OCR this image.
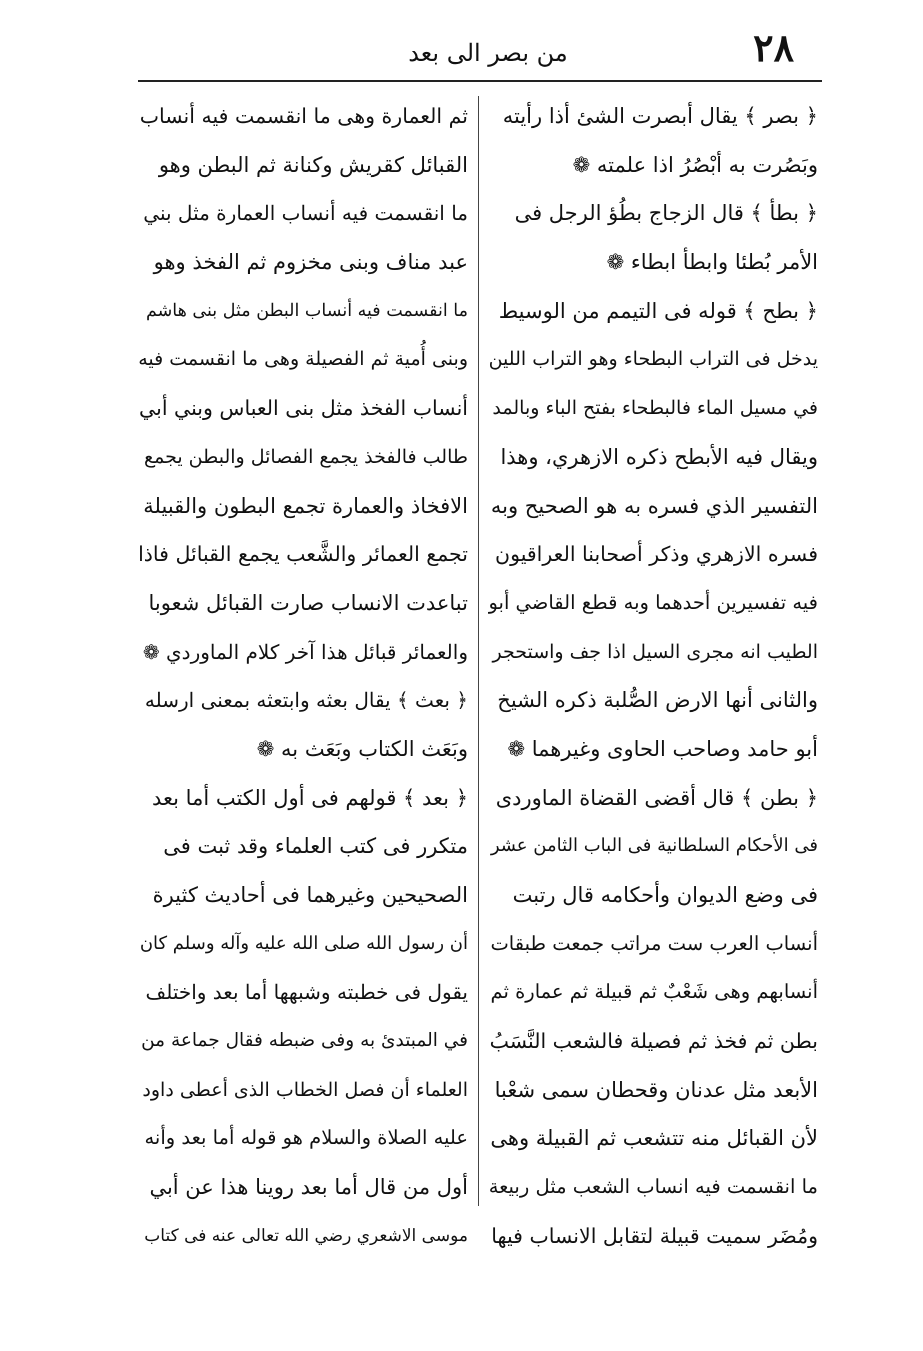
٢٨
من بصر الى بعد
﴿ بصر ﴾ يقال أبصرت الشئ أذا رأيته
وبَصُرت به أبْصُرُ اذا علمته ❁
﴿ بطأ ﴾ قال الزجاج بطُؤ الرجل فى
الأمر بُطئا وابطأ ابطاء ❁
﴿ بطح ﴾ قوله فى التيمم من الوسيط
يدخل فى التراب البطحاء وهو التراب اللين
في مسيل الماء فالبطحاء بفتح الباء وبالمد
ويقال فيه الأبطح ذكره الازهري، وهذا
التفسير الذي فسره به هو الصحيح وبه
فسره الازهري وذكر أصحابنا العراقيون
فيه تفسيرين أحدهما وبه قطع القاضي أبو
الطيب انه مجرى السيل اذا جف واستحجر
والثانى أنها الارض الصُّلبة ذكره الشيخ
أبو حامد وصاحب الحاوى وغيرهما ❁
﴿ بطن ﴾ قال أقضى القضاة الماوردى
فى الأحكام السلطانية فى الباب الثامن عشر
فى وضع الديوان وأحكامه قال رتبت
أنساب العرب ست مراتب جمعت طبقات
أنسابهم وهى شَعْبٌ ثم قبيلة ثم عمارة ثم
بطن ثم فخذ ثم فصيلة فالشعب النَّسَبُ
الأبعد مثل عدنان وقحطان سمى شعْبا
لأن القبائل منه تتشعب ثم القبيلة وهى
ما انقسمت فيه انساب الشعب مثل ربيعة
ومُضَر سميت قبيلة لتقابل الانساب فيها
ثم العمارة وهى ما انقسمت فيه أنساب
القبائل كقريش وكنانة ثم البطن وهو
ما انقسمت فيه أنساب العمارة مثل بني
عبد مناف وبنى مخزوم ثم الفخذ وهو
ما انقسمت فيه أنساب البطن مثل بنى هاشم
وبنى أُمية ثم الفصيلة وهى ما انقسمت فيه
أنساب الفخذ مثل بنى العباس وبني أبي
طالب فالفخذ يجمع الفصائل والبطن يجمع
الافخاذ والعمارة تجمع البطون والقبيلة
تجمع العمائر والشَّعب يجمع القبائل فاذا
تباعدت الانساب صارت القبائل شعوبا
والعمائر قبائل هذا آخر كلام الماوردي ❁
﴿ بعث ﴾ يقال بعثه وابتعثه بمعنى ارسله
وبَعَث الكتاب وبَعَث به ❁
﴿ بعد ﴾ قولهم فى أول الكتب أما بعد
متكرر فى كتب العلماء وقد ثبت فى
الصحيحين وغيرهما فى أحاديث كثيرة
أن رسول الله صلى الله عليه وآله وسلم كان
يقول فى خطبته وشبهها أما بعد واختلف
في المبتدئ به وفى ضبطه فقال جماعة من
العلماء أن فصل الخطاب الذى أعطى داود
عليه الصلاة والسلام هو قوله أما بعد وأنه
أول من قال أما بعد روينا هذا عن أبي
موسى الاشعري رضي الله تعالى عنه فى كتاب
